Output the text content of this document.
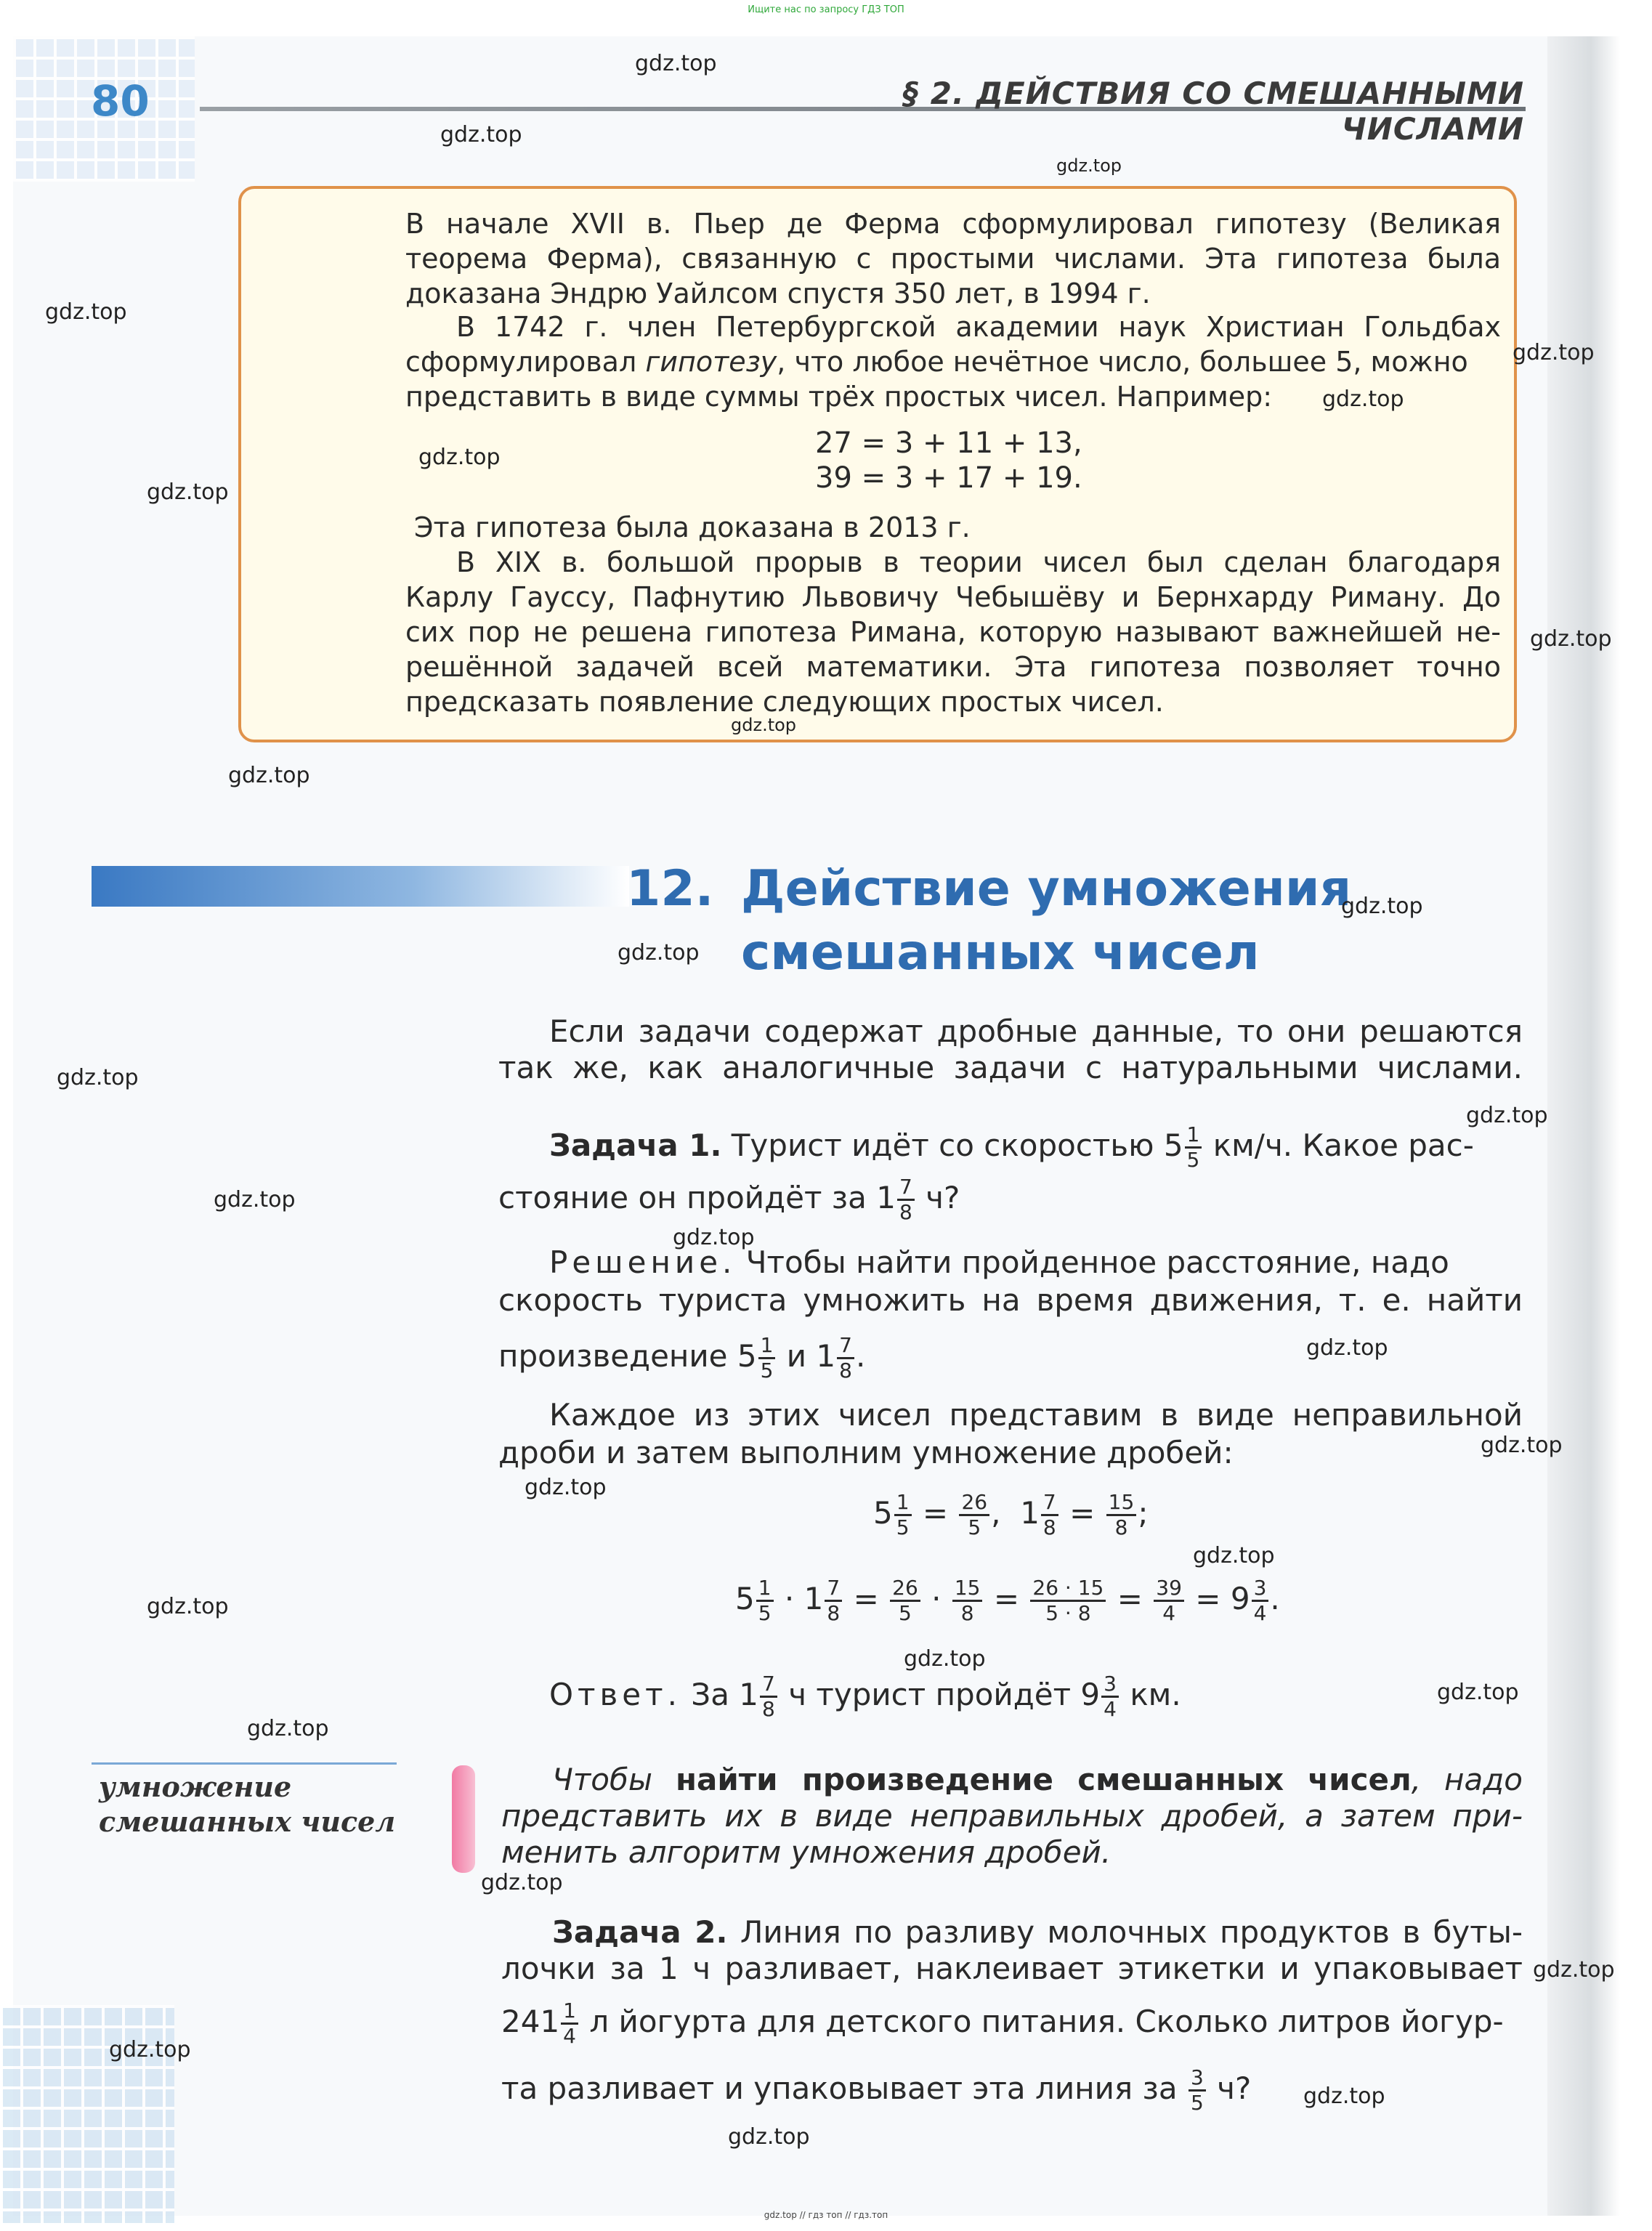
Ищите нас по запросу ГДЗ ТОП
80	§ 2. ДЕЙСТВИЯ СО СМЕШАННЫМИ ЧИСЛАМИ
В начале XVII в. Пьер де Ферма сформулировал гипотезу (Великая
теорема Ферма), связанную с простыми числами. Эта гипотеза была
доказана Эндрю Уайлсом спустя 350 лет, в 1994 г.
В 1742 г. член Петербургской академии наук Христиан Гольдбах
сформулировал гипотезу, что любое нечётное число, большее 5, можно
представить в виде суммы трёх простых чисел. Например:
27 = 3 + 11 + 13,
39 = 3 + 17 + 19.
Эта гипотеза была доказана в 2013 г.
В XIX в. большой прорыв в теории чисел был сделан благодаря
Карлу Гауссу, Пафнутию Львовичу Чебышёву и Бернхарду Риману. До
сих пор не решена гипотеза Римана, которую называют важнейшей не-
решённой задачей всей математики. Эта гипотеза позволяет точно
предсказать появление следующих простых чисел.
12. Действие умножения
смешанных чисел
Если задачи содержат дробные данные, то они решаются
так же, как аналогичные задачи с натуральными числами.
Задача 1. Турист идёт со скоростью $5 \frac{1}{5} км/ч$. Какое рас-
стояние он пройдёт за $1 \frac{7}{8} ч$?
Решение. Чтобы найти пройденное расстояние, надо
скорость туриста умножить на время движения, т. е. найти
произведение $5 \frac{1}{5}$ и $1 \frac{7}{8}$ .
Каждое из этих чисел представим в виде неправильной
дроби и затем выполним умножение дробей:
$5 \frac{1}{5} = \frac{26}{5}$ , $1 \frac{7}{8} = \frac{15}{8}$ ;
$5 \frac{1}{5} \cdot 1 \frac{7}{8} = \frac{26}{5} \cdot \frac{15}{8} = \frac{26 \cdot 15}{5 \cdot 8} = \frac{39}{4} = 9 \frac{3}{4}$ .
Ответ. За $1 \frac{7}{8}$ ч турист пройдёт $9 \frac{3}{4}$ км.
умножение
смешанных чисел
Чтобы найти произведение смешанных чисел, надо
представить их в виде неправильных дробей, а затем при-
менить алгоритм умножения дробей.
Задача 2. Линия по разливу молочных продуктов в буты-
лочки за 1 ч разливает, наклеивает этикетки и упаковывает
$241 \frac{1}{4}$ л йогурта для детского питания. Сколько литров йогур-
та разливает и упаковывает эта линия за $\frac{3}{5} ч$?
gdz.top
gdz.top
gdz.top
gdz.top
gdz.top
gdz.top
gdz.top
gdz.top
gdz.top
gdz.top
gdz.top
gdz.top
gdz.top
gdz.top
gdz.top
gdz.top
gdz.top
gdz.top
gdz.top
gdz.top
gdz.top
gdz.top
gdz.top
gdz.top
gdz.top
gdz.top
gdz.top
gdz.top
gdz.top
gdz.top
gdz.top // гдз топ // гдз.топ
